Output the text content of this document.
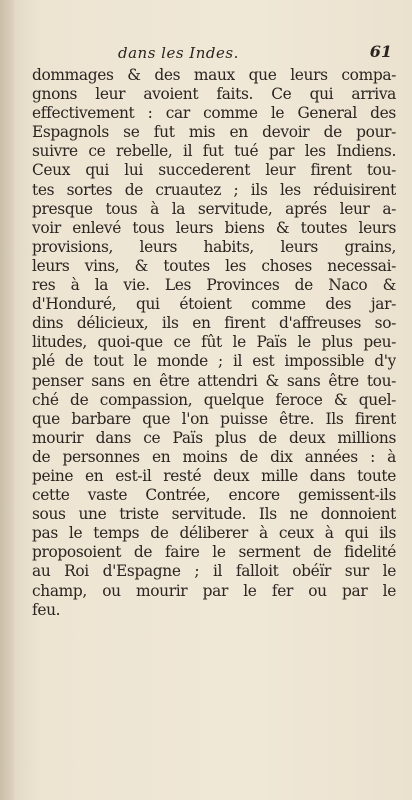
dans les Indes.	61
dommages & des maux que leurs compa-
gnons leur avoient faits. Ce qui arriva
effectivement : car comme le General des
Espagnols se fut mis en devoir de pour-
suivre ce rebelle, il fut tué par les Indiens.
Ceux qui lui succederent leur firent tou-
tes sortes de cruautez ; ils les réduisirent
presque tous à la servitude, aprés leur a-
voir enlevé tous leurs biens & toutes leurs
provisions, leurs habits, leurs grains,
leurs vins, & toutes les choses necessai-
res à la vie. Les Provinces de Naco &
d'Honduré, qui étoient comme des jar-
dins délicieux, ils en firent d'affreuses so-
litudes, quoi-que ce fût le Païs le plus peu-
plé de tout le monde ; il est impossible d'y
penser sans en être attendri & sans être tou-
ché de compassion, quelque feroce & quel-
que barbare que l'on puisse être. Ils firent
mourir dans ce Païs plus de deux millions
de personnes en moins de dix années : à
peine en est-il resté deux mille dans toute
cette vaste Contrée, encore gemissent-ils
sous une triste servitude. Ils ne donnoient
pas le temps de déliberer à ceux à qui ils
proposoient de faire le serment de fidelité
au Roi d'Espagne ; il falloit obéïr sur le
champ, ou mourir par le fer ou par le
feu.
